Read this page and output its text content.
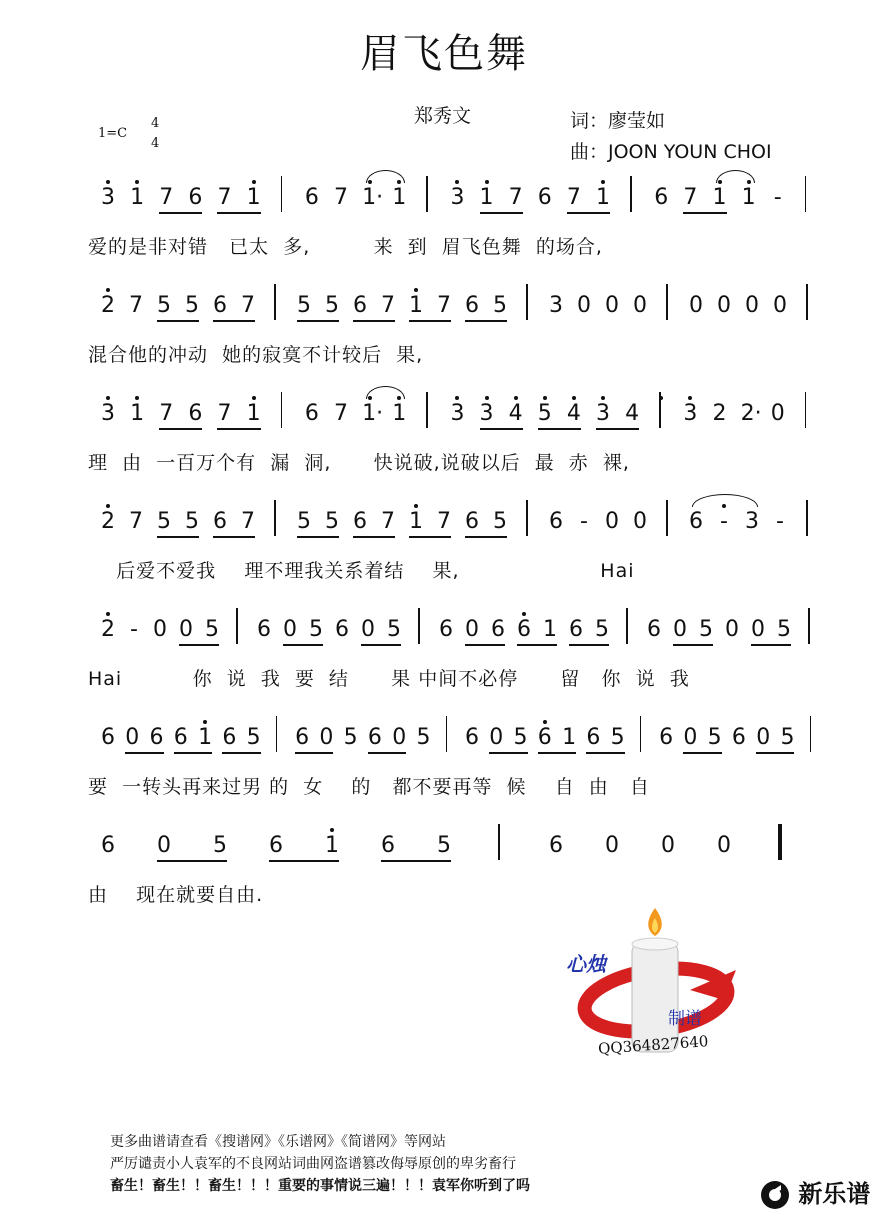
眉飞色舞
郑秀文	词：廖莹如
曲：JOON YOUN CHOI
1=C
4
4
3 1 7 6 7 1 6 7 1· 1 3 1 7 6 7 1 6 7 1 1 -
2 7 5 5 6 7 5 5 6 7 1 7 6 5 3 0 0 0 0 0 0 0
3 1 7 6 7 1 6 7 1· 1 3 3 4 5 4 3 4 3 2 2· 0
2 7 5 5 6 7 5 5 6 7 1 7 6 5 6 - 0 0 6 - 3 -
2 - 0 0 5 6 0 5 6 0 5 6 0 6 6 1 6 5 6 0 5 0 0 5
6 0 6 6 1 6 5 6 0 5 6 0 5 6 0 5 6 1 6 5 6 0 5 6 0 5
6 0 5 6 1 6 5	6 0 0 0
爱的是非对错   已太  多,         来  到  眉飞色舞  的场合,
混合他的冲动  她的寂寞不计较后  果,
理  由  一百万个有  漏  洞,      快说破,说破以后  最  赤  裸,
后爱不爱我    理不理我关系着结    果,                    Hai
Hai          你  说  我  要  结      果 中间不必停      留   你  说  我
要  一转头再来过男 的  女    的   都不要再等  候    自  由   自
由    现在就要自由.
心烛
制谱
QQ364827640
更多曲谱请查看《搜谱网》《乐谱网》《简谱网》等网站
严厉谴责小人袁军的不良网站词曲网盗谱篡改侮辱原创的卑劣畜行
畜生！畜生！！畜生！！！重要的事情说三遍！！！袁军你听到了吗	新乐谱
